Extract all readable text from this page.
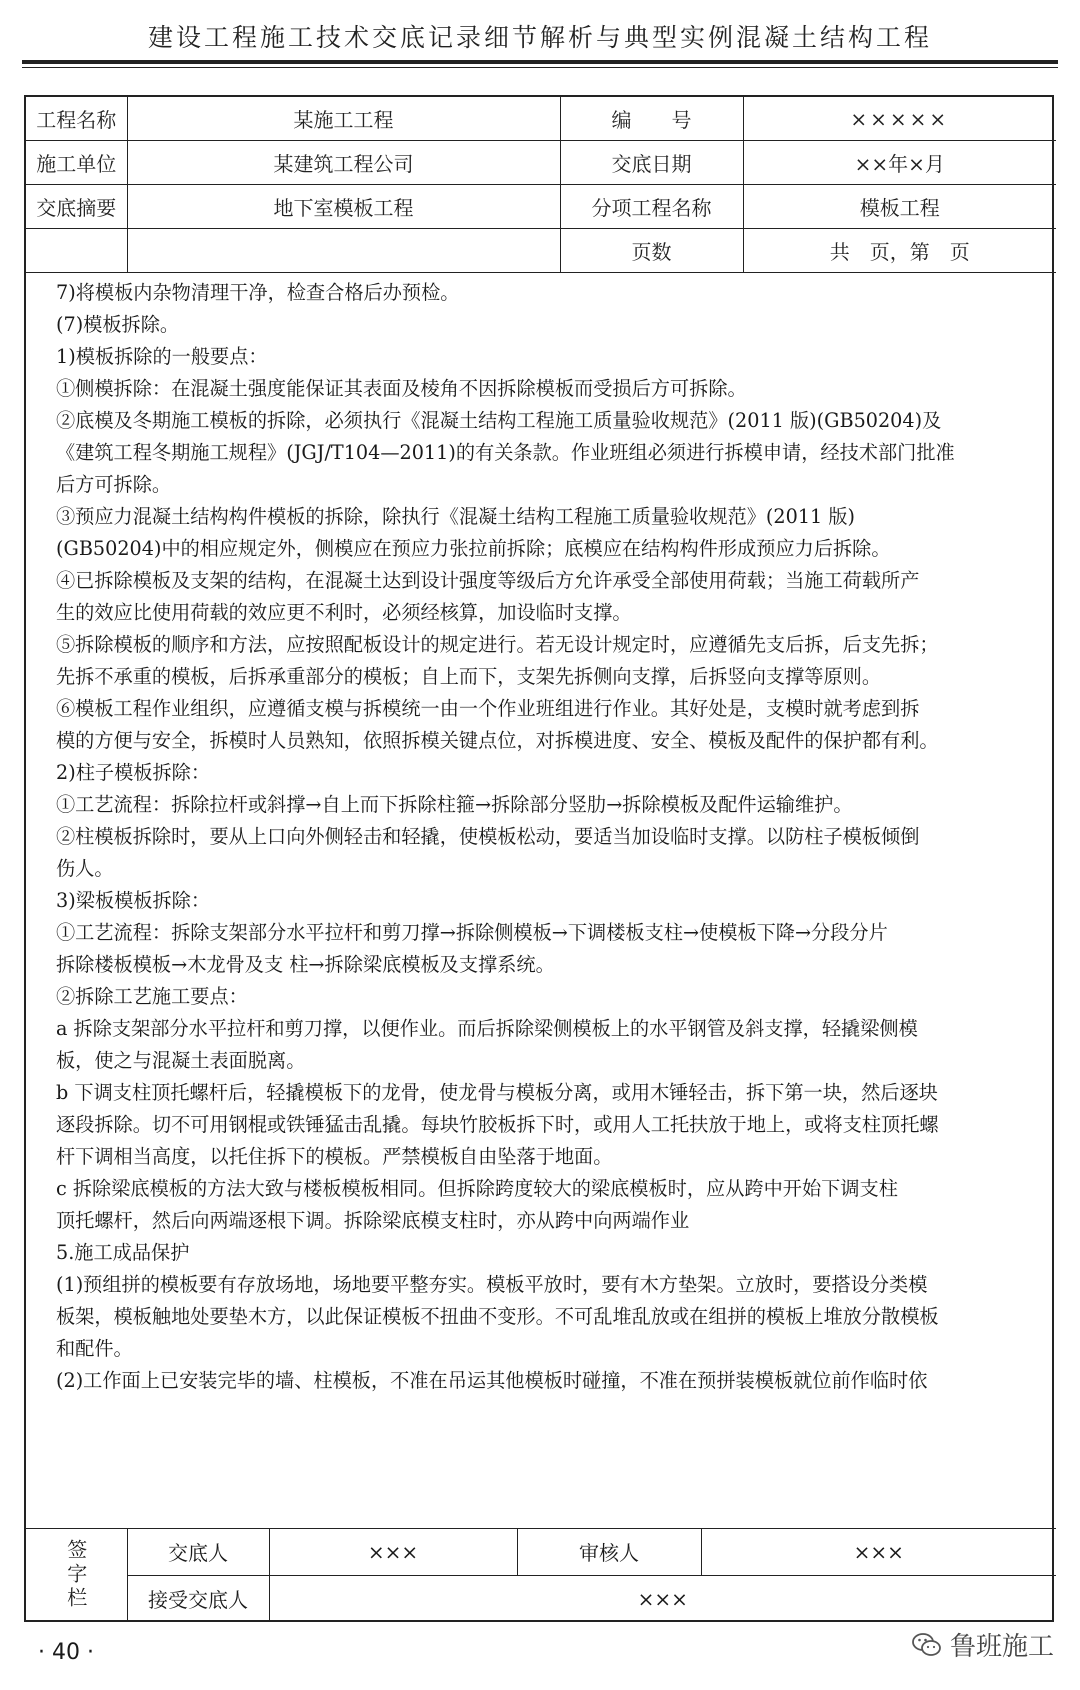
建设工程施工技术交底记录细节解析与典型实例混凝土结构工程
工程名称	某施工工程	编　　号	×××××
施工单位	某建筑工程公司	交底日期	××年×月
交底摘要	地下室模板工程	分项工程名称	模板工程
		页数	共　页，第　页

7)将模板内杂物清理干净，检查合格后办预检。

(7)模板拆除。

1)模板拆除的一般要点：

①侧模拆除：在混凝土强度能保证其表面及棱角不因拆除模板而受损后方可拆除。

②底模及冬期施工模板的拆除，必须执行《混凝土结构工程施工质量验收规范》(2011 版)(GB50204)及

《建筑工程冬期施工规程》(JGJ/T104—2011)的有关条款。作业班组必须进行拆模申请，经技术部门批准

后方可拆除。

③预应力混凝土结构构件模板的拆除，除执行《混凝土结构工程施工质量验收规范》(2011 版)

(GB50204)中的相应规定外，侧模应在预应力张拉前拆除；底模应在结构构件形成预应力后拆除。

④已拆除模板及支架的结构，在混凝土达到设计强度等级后方允许承受全部使用荷载；当施工荷载所产

生的效应比使用荷载的效应更不利时，必须经核算，加设临时支撑。

⑤拆除模板的顺序和方法，应按照配板设计的规定进行。若无设计规定时，应遵循先支后拆，后支先拆；

先拆不承重的模板，后拆承重部分的模板；自上而下，支架先拆侧向支撑，后拆竖向支撑等原则。

⑥模板工程作业组织，应遵循支模与拆模统一由一个作业班组进行作业。其好处是，支模时就考虑到拆

模的方便与安全，拆模时人员熟知，依照拆模关键点位，对拆模进度、安全、模板及配件的保护都有利。

2)柱子模板拆除：

①工艺流程：拆除拉杆或斜撑→自上而下拆除柱箍→拆除部分竖肋→拆除模板及配件运输维护。

②柱模板拆除时，要从上口向外侧轻击和轻撬，使模板松动，要适当加设临时支撑。以防柱子模板倾倒

伤人。

3)梁板模板拆除：

①工艺流程：拆除支架部分水平拉杆和剪刀撑→拆除侧模板→下调楼板支柱→使模板下降→分段分片

拆除楼板模板→木龙骨及支 柱→拆除梁底模板及支撑系统。

②拆除工艺施工要点：

a 拆除支架部分水平拉杆和剪刀撑，以便作业。而后拆除梁侧模板上的水平钢管及斜支撑，轻撬梁侧模

板，使之与混凝土表面脱离。

b 下调支柱顶托螺杆后，轻撬模板下的龙骨，使龙骨与模板分离，或用木锤轻击，拆下第一块，然后逐块

逐段拆除。切不可用钢棍或铁锤猛击乱撬。每块竹胶板拆下时，或用人工托扶放于地上，或将支柱顶托螺

杆下调相当高度，以托住拆下的模板。严禁模板自由坠落于地面。

c 拆除梁底模板的方法大致与楼板模板相同。但拆除跨度较大的梁底模板时，应从跨中开始下调支柱

顶托螺杆，然后向两端逐根下调。拆除梁底模支柱时，亦从跨中向两端作业

5.施工成品保护

(1)预组拼的模板要有存放场地，场地要平整夯实。模板平放时，要有木方垫架。立放时，要搭设分类模

板架，模板触地处要垫木方，以此保证模板不扭曲不变形。不可乱堆乱放或在组拼的模板上堆放分散模板

和配件。

(2)工作面上已安装完毕的墙、柱模板，不准在吊运其他模板时碰撞，不准在预拼装模板就位前作临时依

签字栏	交底人	×××	审核人	×××
	接受交底人	×××		
· 40 ·	鲁班施工
